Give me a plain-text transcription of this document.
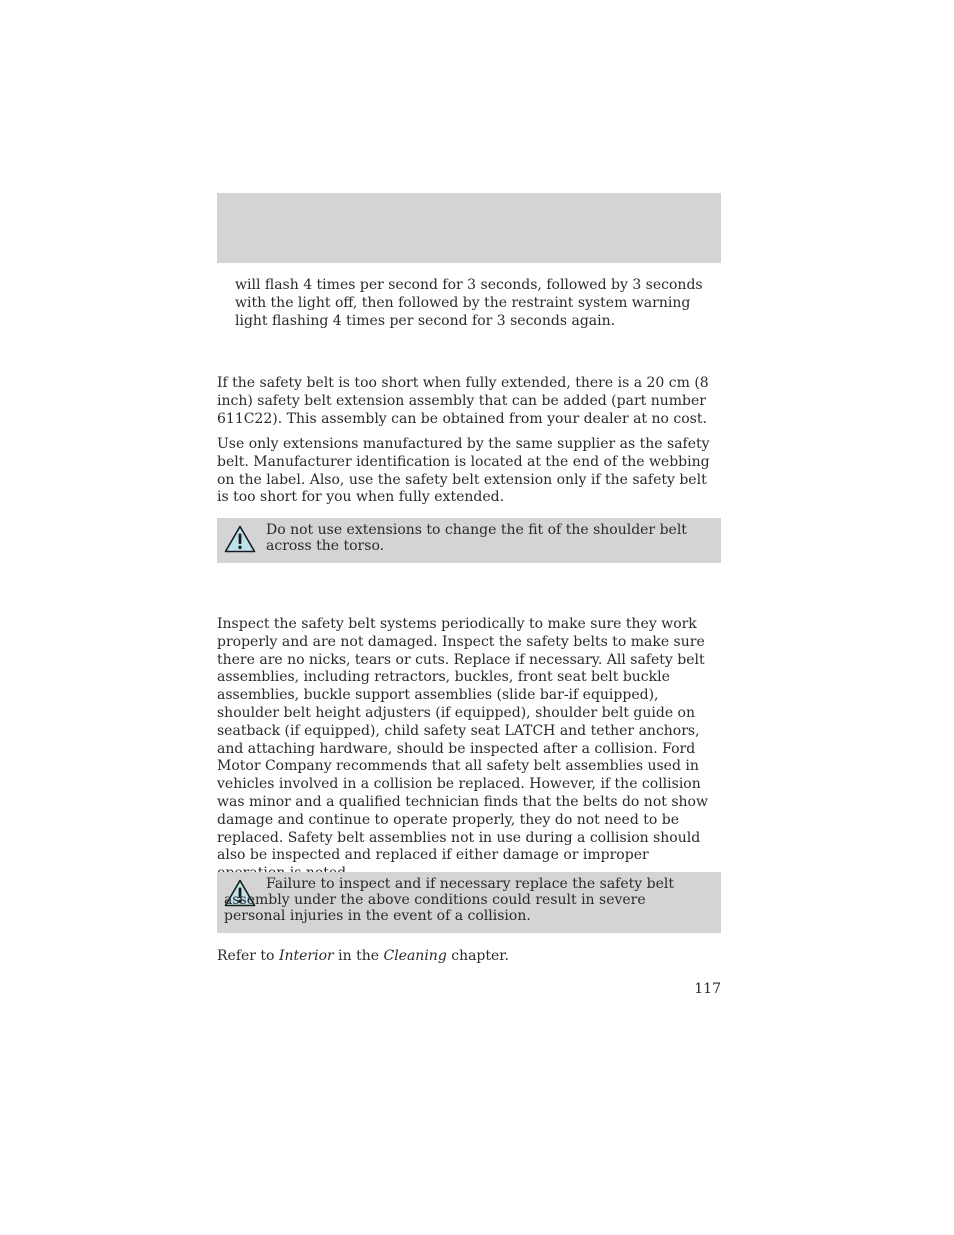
will flash 4 times per second for 3 seconds, followed by 3 seconds with the light off, then followed by the restraint system warning light flashing 4 times per second for 3 seconds again.

If the safety belt is too short when fully extended, there is a 20 cm (8 inch) safety belt extension assembly that can be added (part number 611C22). This assembly can be obtained from your dealer at no cost.

Use only extensions manufactured by the same supplier as the safety belt. Manufacturer identification is located at the end of the webbing on the label. Also, use the safety belt extension only if the safety belt is too short for you when fully extended.

Do not use extensions to change the fit of the shoulder belt across the torso.

Inspect the safety belt systems periodically to make sure they work properly and are not damaged. Inspect the safety belts to make sure there are no nicks, tears or cuts. Replace if necessary. All safety belt assemblies, including retractors, buckles, front seat belt buckle assemblies, buckle support assemblies (slide bar-if equipped), shoulder belt height adjusters (if equipped), shoulder belt guide on seatback (if equipped), child safety seat LATCH and tether anchors, and attaching hardware, should be inspected after a collision. Ford Motor Company recommends that all safety belt assemblies used in vehicles involved in a collision be replaced. However, if the collision was minor and a qualified technician finds that the belts do not show damage and continue to operate properly, they do not need to be replaced. Safety belt assemblies not in use during a collision should also be inspected and replaced if either damage or improper

Failure to inspect and if necessary replace the safety belt assembly under the above conditions could result in severe personal injuries in the event of a collision.

Refer to Interior in the Cleaning chapter.

117
